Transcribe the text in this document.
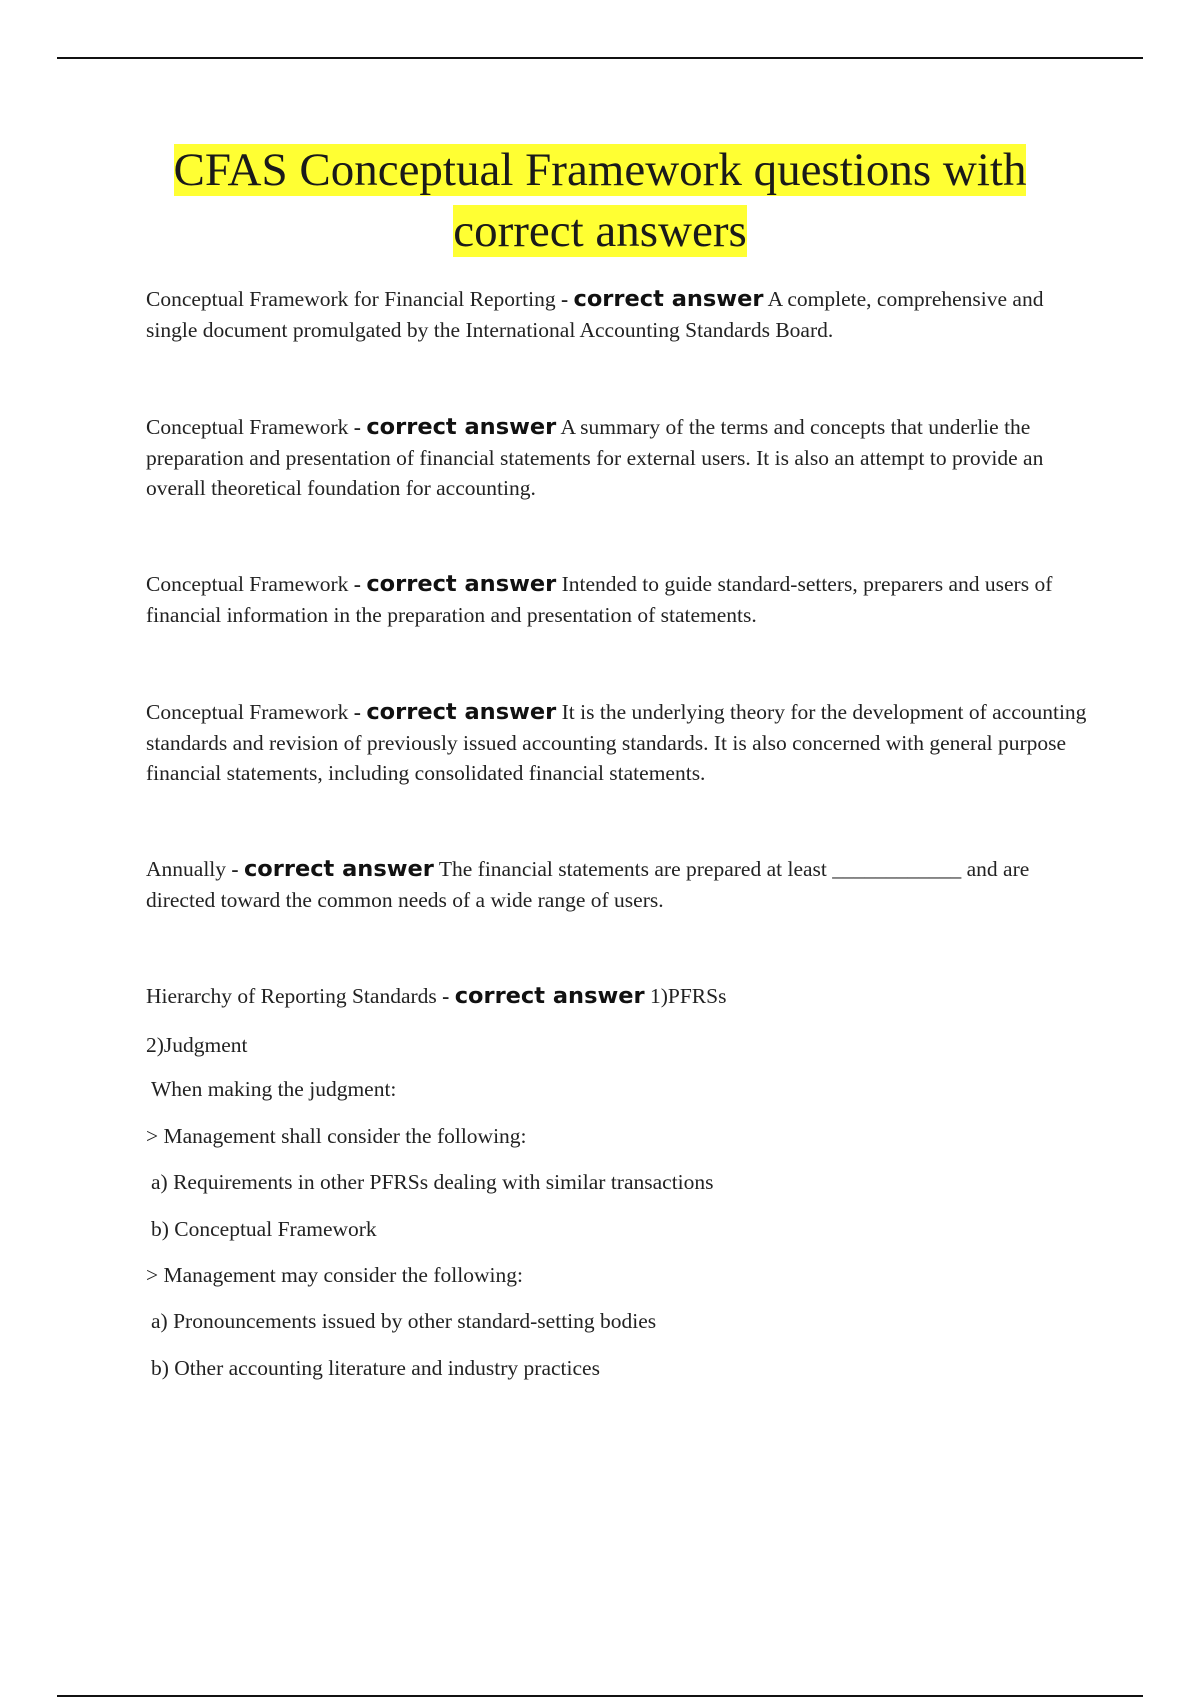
CFAS Conceptual Framework questions with
correct answers

Conceptual Framework for Financial Reporting - correct answer A complete, comprehensive and single document promulgated by the International Accounting Standards Board.

Conceptual Framework - correct answer A summary of the terms and concepts that underlie the preparation and presentation of financial statements for external users. It is also an attempt to provide an overall theoretical foundation for accounting.

Conceptual Framework - correct answer Intended to guide standard-setters, preparers and users of financial information in the preparation and presentation of statements.

Conceptual Framework - correct answer It is the underlying theory for the development of accounting standards and revision of previously issued accounting standards. It is also concerned with general purpose financial statements, including consolidated financial statements.

Annually - correct answer The financial statements are prepared at least ____________ and are directed toward the common needs of a wide range of users.

Hierarchy of Reporting Standards - correct answer 1)PFRSs

2)Judgment
When making the judgment:
> Management shall consider the following:
a) Requirements in other PFRSs dealing with similar transactions
b) Conceptual Framework
> Management may consider the following:
a) Pronouncements issued by other standard-setting bodies
b) Other accounting literature and industry practices
